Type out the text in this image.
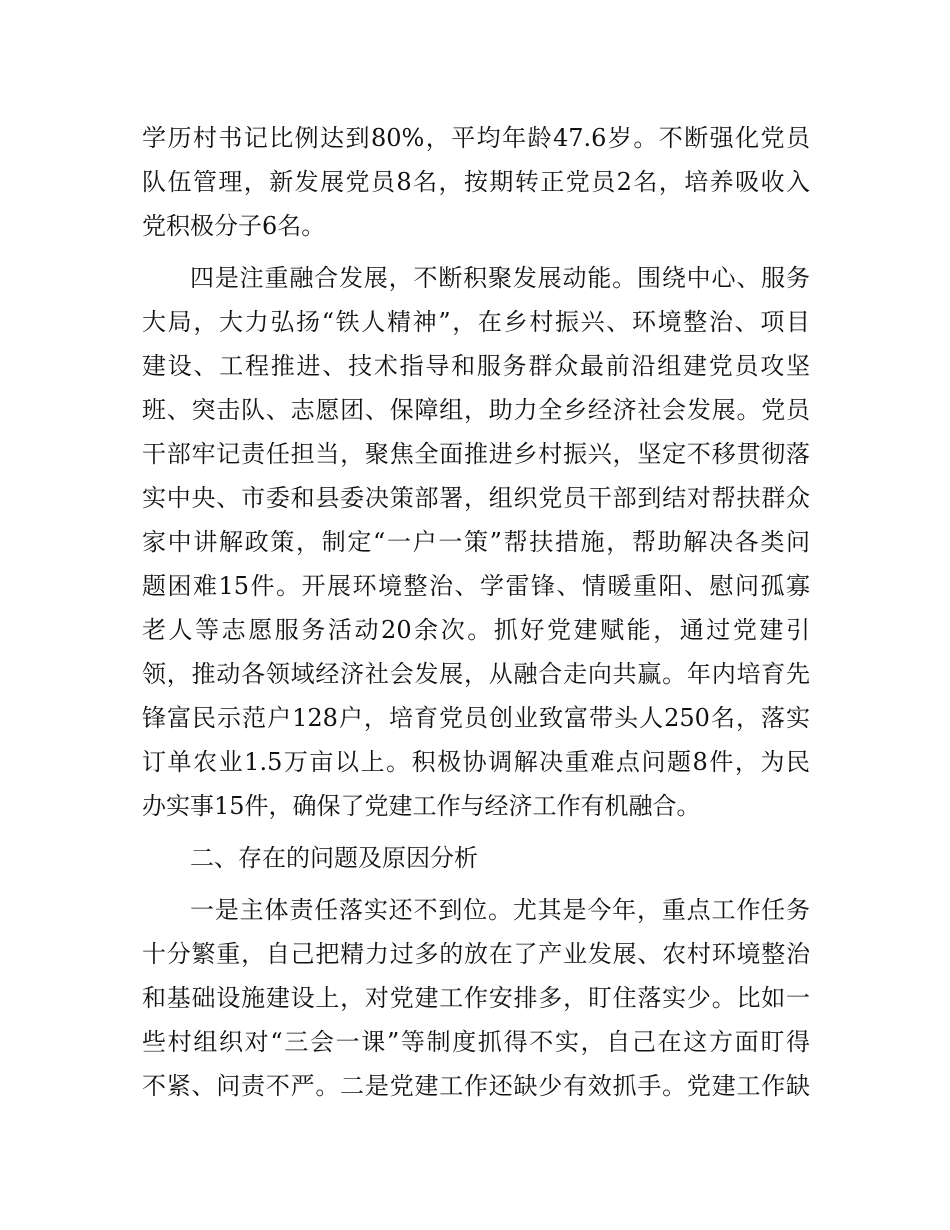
学历村书记比例达到80%，平均年龄47.6岁。不断强化党员
队伍管理，新发展党员8名，按期转正党员2名，培养吸收入
党积极分子6名。
四是注重融合发展，不断积聚发展动能。围绕中心、服务
大局，大力弘扬“铁人精神”，在乡村振兴、环境整治、项目
建设、工程推进、技术指导和服务群众最前沿组建党员攻坚
班、突击队、志愿团、保障组，助力全乡经济社会发展。党员
干部牢记责任担当，聚焦全面推进乡村振兴，坚定不移贯彻落
实中央、市委和县委决策部署，组织党员干部到结对帮扶群众
家中讲解政策，制定“一户一策”帮扶措施，帮助解决各类问
题困难15件。开展环境整治、学雷锋、情暖重阳、慰问孤寡
老人等志愿服务活动20余次。抓好党建赋能，通过党建引
领，推动各领域经济社会发展，从融合走向共赢。年内培育先
锋富民示范户128户，培育党员创业致富带头人250名，落实
订单农业1.5万亩以上。积极协调解决重难点问题8件，为民
办实事15件，确保了党建工作与经济工作有机融合。
二、存在的问题及原因分析
一是主体责任落实还不到位。尤其是今年，重点工作任务
十分繁重，自己把精力过多的放在了产业发展、农村环境整治
和基础设施建设上，对党建工作安排多，盯住落实少。比如一
些村组织对“三会一课”等制度抓得不实，自己在这方面盯得
不紧、问责不严。二是党建工作还缺少有效抓手。党建工作缺
